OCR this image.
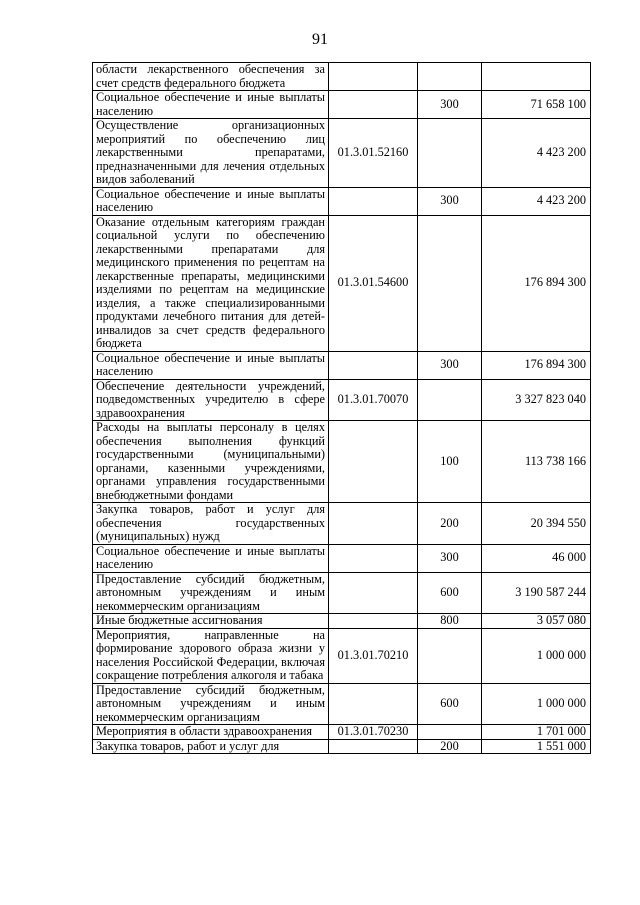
91
области лекарственного обеспечения за счет средств федерального бюджета			
Социальное обеспечение и иные выплаты населению		300	71 658 100
Осуществление организационных мероприятий по обеспечению лиц лекарственными препаратами, предназначенными для лечения отдельных видов заболеваний	01.3.01.52160		4 423 200
Социальное обеспечение и иные выплаты населению		300	4 423 200
Оказание отдельным категориям граждан социальной услуги по обеспечению лекарственными препаратами для медицинского применения по рецептам на лекарственные препараты, медицинскими изделиями по рецептам на медицинские изделия, а также специализированными продуктами лечебного питания для детей-инвалидов за счет средств федерального бюджета	01.3.01.54600		176 894 300
Социальное обеспечение и иные выплаты населению		300	176 894 300
Обеспечение деятельности учреждений, подведомственных учредителю в сфере здравоохранения	01.3.01.70070		3 327 823 040
Расходы на выплаты персоналу в целях обеспечения выполнения функций государственными (муниципальными) органами, казенными учреждениями, органами управления государственными внебюджетными фондами		100	113 738 166
Закупка товаров, работ и услуг для обеспечения государственных (муниципальных) нужд		200	20 394 550
Социальное обеспечение и иные выплаты населению		300	46 000
Предоставление субсидий бюджетным, автономным учреждениям и иным некоммерческим организациям		600	3 190 587 244
Иные бюджетные ассигнования		800	3 057 080
Мероприятия, направленные на формирование здорового образа жизни у населения Российской Федерации, включая сокращение потребления алкоголя и табака	01.3.01.70210		1 000 000
Предоставление субсидий бюджетным, автономным учреждениям и иным некоммерческим организациям		600	1 000 000
Мероприятия в области здравоохранения	01.3.01.70230		1 701 000
Закупка товаров, работ и услуг для		200	1 551 000
